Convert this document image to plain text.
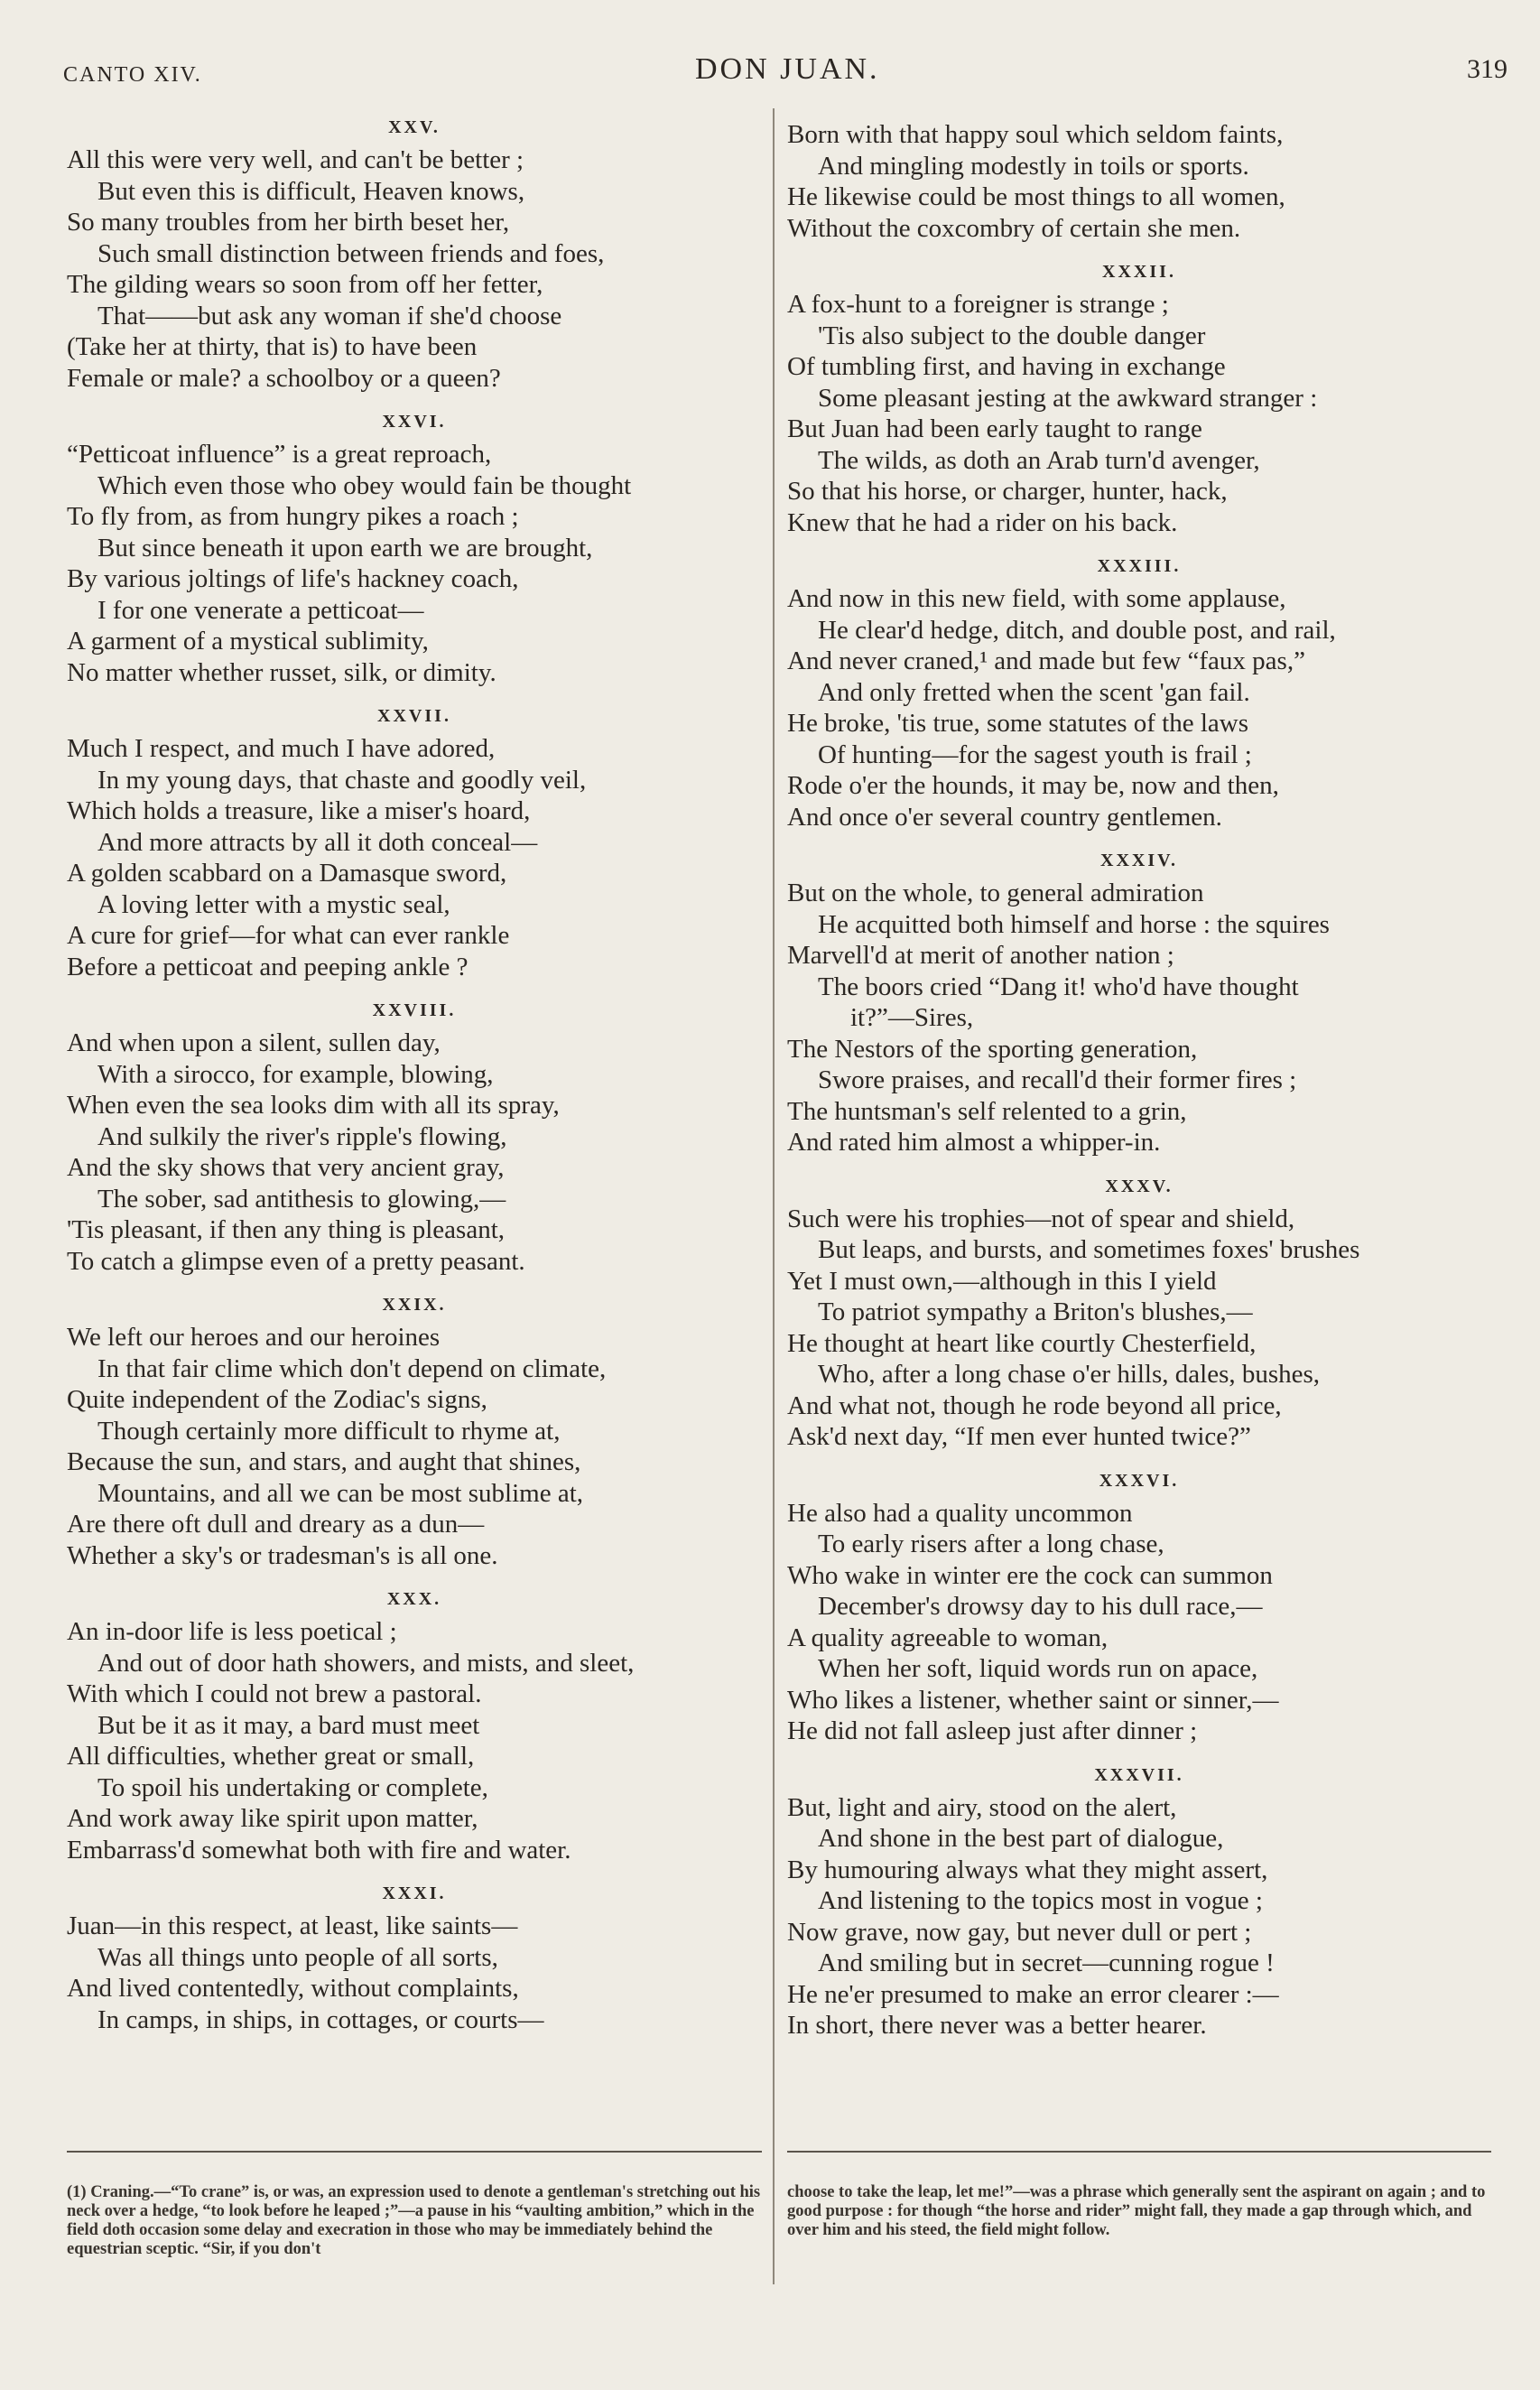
CANTO XIV.	DON JUAN.	319
XXV.
All this were very well, and can't be better ;
But even this is difficult, Heaven knows,
So many troubles from her birth beset her,
Such small distinction between friends and foes,
The gilding wears so soon from off her fetter,
That——but ask any woman if she'd choose
(Take her at thirty, that is) to have been
Female or male? a schoolboy or a queen?
XXVI.
“Petticoat influence” is a great reproach,
Which even those who obey would fain be thought
To fly from, as from hungry pikes a roach ;
But since beneath it upon earth we are brought,
By various joltings of life's hackney coach,
I for one venerate a petticoat—
A garment of a mystical sublimity,
No matter whether russet, silk, or dimity.
XXVII.
Much I respect, and much I have adored,
In my young days, that chaste and goodly veil,
Which holds a treasure, like a miser's hoard,
And more attracts by all it doth conceal—
A golden scabbard on a Damasque sword,
A loving letter with a mystic seal,
A cure for grief—for what can ever rankle
Before a petticoat and peeping ankle ?
XXVIII.
And when upon a silent, sullen day,
With a sirocco, for example, blowing,
When even the sea looks dim with all its spray,
And sulkily the river's ripple's flowing,
And the sky shows that very ancient gray,
The sober, sad antithesis to glowing,—
'Tis pleasant, if then any thing is pleasant,
To catch a glimpse even of a pretty peasant.
XXIX.
We left our heroes and our heroines
In that fair clime which don't depend on climate,
Quite independent of the Zodiac's signs,
Though certainly more difficult to rhyme at,
Because the sun, and stars, and aught that shines,
Mountains, and all we can be most sublime at,
Are there oft dull and dreary as a dun—
Whether a sky's or tradesman's is all one.
XXX.
An in-door life is less poetical ;
And out of door hath showers, and mists, and sleet,
With which I could not brew a pastoral.
But be it as it may, a bard must meet
All difficulties, whether great or small,
To spoil his undertaking or complete,
And work away like spirit upon matter,
Embarrass'd somewhat both with fire and water.
XXXI.
Juan—in this respect, at least, like saints—
Was all things unto people of all sorts,
And lived contentedly, without complaints,
In camps, in ships, in cottages, or courts—
Born with that happy soul which seldom faints,
And mingling modestly in toils or sports.
He likewise could be most things to all women,
Without the coxcombry of certain she men.
XXXII.
A fox-hunt to a foreigner is strange ;
'Tis also subject to the double danger
Of tumbling first, and having in exchange
Some pleasant jesting at the awkward stranger :
But Juan had been early taught to range
The wilds, as doth an Arab turn'd avenger,
So that his horse, or charger, hunter, hack,
Knew that he had a rider on his back.
XXXIII.
And now in this new field, with some applause,
He clear'd hedge, ditch, and double post, and rail,
And never craned,¹ and made but few “faux pas,”
And only fretted when the scent 'gan fail.
He broke, 'tis true, some statutes of the laws
Of hunting—for the sagest youth is frail ;
Rode o'er the hounds, it may be, now and then,
And once o'er several country gentlemen.
XXXIV.
But on the whole, to general admiration
He acquitted both himself and horse : the squires
Marvell'd at merit of another nation ;
The boors cried “Dang it! who'd have thought
it?”—Sires,
The Nestors of the sporting generation,
Swore praises, and recall'd their former fires ;
The huntsman's self relented to a grin,
And rated him almost a whipper-in.
XXXV.
Such were his trophies—not of spear and shield,
But leaps, and bursts, and sometimes foxes' brushes
Yet I must own,—although in this I yield
To patriot sympathy a Briton's blushes,—
He thought at heart like courtly Chesterfield,
Who, after a long chase o'er hills, dales, bushes,
And what not, though he rode beyond all price,
Ask'd next day, “If men ever hunted twice?”
XXXVI.
He also had a quality uncommon
To early risers after a long chase,
Who wake in winter ere the cock can summon
December's drowsy day to his dull race,—
A quality agreeable to woman,
When her soft, liquid words run on apace,
Who likes a listener, whether saint or sinner,—
He did not fall asleep just after dinner ;
XXXVII.
But, light and airy, stood on the alert,
And shone in the best part of dialogue,
By humouring always what they might assert,
And listening to the topics most in vogue ;
Now grave, now gay, but never dull or pert ;
And smiling but in secret—cunning rogue !
He ne'er presumed to make an error clearer :—
In short, there never was a better hearer.
(1) Craning.—“To crane” is, or was, an expression used to denote a gentleman's stretching out his neck over a hedge, “to look before he leaped ;”—a pause in his “vaulting ambition,” which in the field doth occasion some delay and execration in those who may be immediately behind the equestrian sceptic. “Sir, if you don't
choose to take the leap, let me!”—was a phrase which generally sent the aspirant on again ; and to good purpose : for though “the horse and rider” might fall, they made a gap through which, and over him and his steed, the field might follow.
